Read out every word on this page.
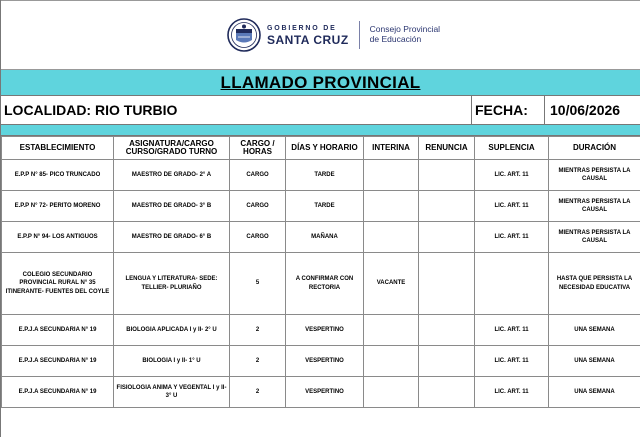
GOBIERNO DE
SANTA CRUZ
Consejo Provincial
de Educación
LLAMADO PROVINCIAL
LOCALIDAD: RIO TURBIO	FECHA: 10/06/2026
ESTABLECIMIENTO	ASIGNATURA/CARGO CURSO/GRADO TURNO	CARGO / HORAS	DÍAS Y HORARIO	INTERINA	RENUNCIA	SUPLENCIA	DURACIÓN
E.P.P N° 85- PICO TRUNCADO	MAESTRO DE GRADO- 2° A	CARGO	TARDE			LIC. ART. 11	MIENTRAS PERSISTA LA CAUSAL
E.P.P N° 72- PERITO MORENO	MAESTRO DE GRADO- 3° B	CARGO	TARDE			LIC. ART. 11	MIENTRAS PERSISTA LA CAUSAL
E.P.P N° 94- LOS ANTIGUOS	MAESTRO DE GRADO- 6° B	CARGO	MAÑANA			LIC. ART. 11	MIENTRAS PERSISTA LA CAUSAL
COLEGIO SECUNDARIO PROVINCIAL RURAL N° 35 ITINERANTE- FUENTES DEL COYLE	LENGUA Y LITERATURA- SEDE: TELLIER- PLURIAÑO	5	A CONFIRMAR CON RECTORIA	VACANTE			HASTA QUE PERSISTA LA NECESIDAD EDUCATIVA
E.P.J.A SECUNDARIA N° 19	BIOLOGIA APLICADA I y II- 2° U	2	VESPERTINO			LIC. ART. 11	UNA SEMANA
E.P.J.A SECUNDARIA N° 19	BIOLOGIA I y II- 1° U	2	VESPERTINO			LIC. ART. 11	UNA SEMANA
E.P.J.A SECUNDARIA N° 19	FISIOLOGIA ANIMA Y VEGENTAL I y II- 3° U	2	VESPERTINO			LIC. ART. 11	UNA SEMANA
